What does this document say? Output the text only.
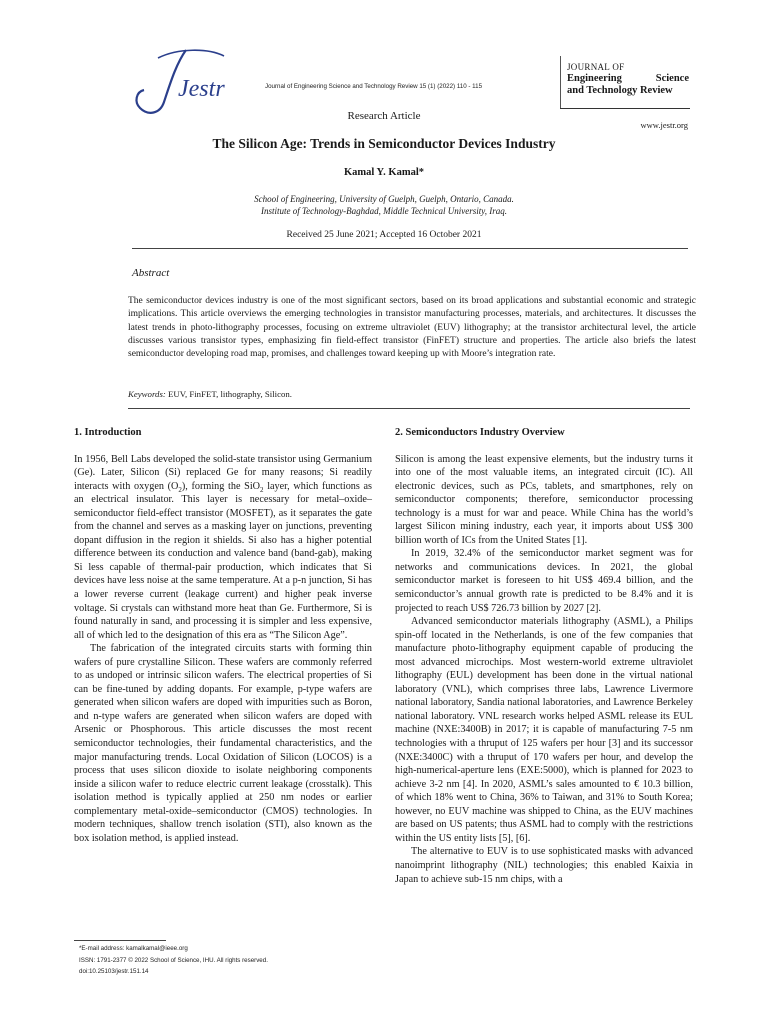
Jestr	Journal of Engineering Science and Technology Review 15 (1) (2022) 110 - 115
Research Article
JOURNAL OF
Engineering	Science
and Technology Review
www.jestr.org
The Silicon Age: Trends in Semiconductor Devices Industry
Kamal Y. Kamal*
School of Engineering, University of Guelph, Guelph, Ontario, Canada.
Institute of Technology-Baghdad, Middle Technical University, Iraq.
Received 25 June 2021; Accepted 16 October 2021
Abstract
The semiconductor devices industry is one of the most significant sectors, based on its broad applications and substantial economic and strategic implications. This article overviews the emerging technologies in transistor manufacturing processes, materials, and architectures. It discusses the latest trends in photo-lithography processes, focusing on extreme ultraviolet (EUV) lithography; at the transistor architectural level, the article discusses various transistor types, emphasizing fin field-effect transistor (FinFET) structure and properties. The article also briefs the latest semiconductor developing road map, promises, and challenges toward keeping up with Moore’s integration rate.
Keywords: EUV, FinFET, lithography, Silicon.
1. Introduction

In 1956, Bell Labs developed the solid-state transistor using Germanium (Ge). Later, Silicon (Si) replaced Ge for many reasons; Si readily interacts with oxygen $(O_2)$, forming the SiO$_2$ layer, which functions as an electrical insulator. This layer is necessary for metal–oxide–semiconductor field-effect transistor (MOSFET), as it separates the gate from the channel and serves as a masking layer on junctions, preventing dopant diffusion in the region it shields. Si also has a higher potential difference between its conduction and valence band (band-gab), making Si less capable of thermal-pair production, which indicates that Si devices have less noise at the same temperature. At a p-n junction, Si has a lower reverse current (leakage current) and higher peak inverse voltage. Si crystals can withstand more heat than Ge. Furthermore, Si is found naturally in sand, and processing it is simpler and less expensive, all of which led to the designation of this era as “The Silicon Age”.

The fabrication of the integrated circuits starts with forming thin wafers of pure crystalline Silicon. These wafers are commonly referred to as undoped or intrinsic silicon wafers. The electrical properties of Si can be fine-tuned by adding dopants. For example, p-type wafers are generated when silicon wafers are doped with impurities such as Boron, and n-type wafers are generated when silicon wafers are doped with Arsenic or Phosphorous. This article discusses the most recent semiconductor technologies, their fundamental characteristics, and the major manufacturing trends. Local Oxidation of Silicon (LOCOS) is a process that uses silicon dioxide to isolate neighboring components inside a silicon wafer to reduce electric current leakage (crosstalk). This isolation method is typically applied at 250 nm nodes or earlier complementary metal-oxide–semiconductor (CMOS) technologies. In modern techniques, shallow trench isolation (STI), also known as the box isolation method, is applied instead.

2. Semiconductors Industry Overview

Silicon is among the least expensive elements, but the industry turns it into one of the most valuable items, an integrated circuit (IC). All electronic devices, such as PCs, tablets, and smartphones, rely on semiconductor components; therefore, semiconductor processing technology is a must for war and peace. While China has the world’s largest Silicon mining industry, each year, it imports about US$ 300 billion worth of ICs from the United States [1].

In 2019, 32.4% of the semiconductor market segment was for networks and communications devices. In 2021, the global semiconductor market is foreseen to hit US$ 469.4 billion, and the semiconductor’s annual growth rate is predicted to be 8.4% and it is projected to reach US$ 726.73 billion by 2027 [2].

Advanced semiconductor materials lithography (ASML), a Philips spin-off located in the Netherlands, is one of the few companies that manufacture photo-lithography equipment capable of producing the most advanced microchips. Most western-world extreme ultraviolet lithography (EUL) development has been done in the virtual national laboratory (VNL), which comprises three labs, Lawrence Livermore national laboratory, Sandia national laboratories, and Lawrence Berkeley national laboratory. VNL research works helped ASML release its EUL machine (NXE:3400B) in 2017; it is capable of manufacturing 7-5 nm technologies with a thruput of 125 wafers per hour [3] and its successor (NXE:3400C) with a thruput of 170 wafers per hour, and develop the high-numerical-aperture lens (EXE:5000), which is planned for 2023 to achieve 3-2 nm [4]. In 2020, ASML’s sales amounted to € 10.3 billion, of which 18% went to China, 36% to Taiwan, and 31% to South Korea; however, no EUV machine was shipped to China, as the EUV machines are based on US patents; thus ASML had to comply with the restrictions within the US entity lists [5], [6].

The alternative to EUV is to use sophisticated masks with advanced nanoimprint lithography (NIL) technologies; this enabled Kaixia in Japan to achieve sub-15 nm chips, with a

*E-mail address: kamalkamal@ieee.org
ISSN: 1791-2377 © 2022 School of Science, IHU. All rights reserved.
doi:10.25103/jestr.151.14
